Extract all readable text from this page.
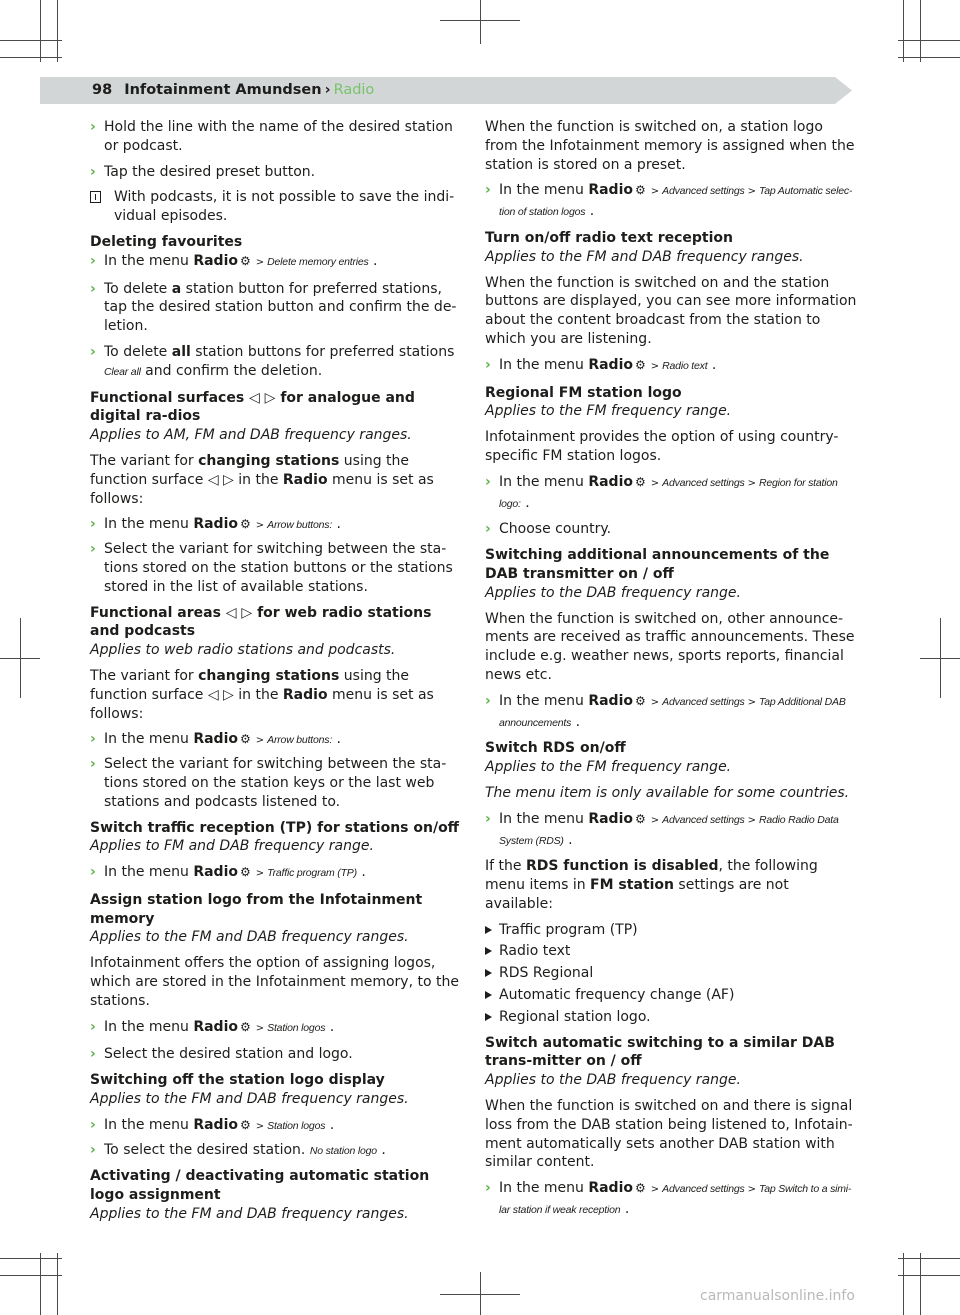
98 Infotainment Amundsen › Radio
› Hold the line with the name of the desired station or podcast.
› Tap the desired preset button.
With podcasts, it is not possible to save the indi-vidual episodes.
Deleting favourites
› In the menu Radio ⚙ > Delete memory entries .
› To delete a station button for preferred stations, tap the desired station button and confirm the de-letion.
› To delete all station buttons for preferred stations Clear all and confirm the deletion.
Functional surfaces ◁ ▷ for analogue and digital ra-dios
Applies to AM, FM and DAB frequency ranges.
The variant for changing stations using the function surface ◁ ▷ in the Radio menu is set as follows:
› In the menu Radio ⚙ > Arrow buttons: .
› Select the variant for switching between the sta-tions stored on the station buttons or the stations stored in the list of available stations.
Functional areas ◁ ▷ for web radio stations and podcasts
Applies to web radio stations and podcasts.
The variant for changing stations using the function surface ◁ ▷ in the Radio menu is set as follows:
› In the menu Radio ⚙ > Arrow buttons: .
› Select the variant for switching between the sta-tions stored on the station keys or the last web stations and podcasts listened to.
Switch traffic reception (TP) for stations on/off
Applies to FM and DAB frequency range.
› In the menu Radio ⚙ > Traffic program (TP) .
Assign station logo from the Infotainment memory
Applies to the FM and DAB frequency ranges.
Infotainment offers the option of assigning logos, which are stored in the Infotainment memory, to the stations.
› In the menu Radio ⚙ > Station logos .
› Select the desired station and logo.
Switching off the station logo display
Applies to the FM and DAB frequency ranges.
› In the menu Radio ⚙ > Station logos .
› To select the desired station. No station logo .
Activating / deactivating automatic station logo assignment
Applies to the FM and DAB frequency ranges.
When the function is switched on, a station logo from the Infotainment memory is assigned when the station is stored on a preset.
› In the menu Radio ⚙ > Advanced settings > Tap Automatic selec-tion of station logos .
Turn on/off radio text reception
Applies to the FM and DAB frequency ranges.
When the function is switched on and the station buttons are displayed, you can see more information about the content broadcast from the station to which you are listening.
› In the menu Radio ⚙ > Radio text .
Regional FM station logo
Applies to the FM frequency range.
Infotainment provides the option of using country-specific FM station logos.
› In the menu Radio ⚙ > Advanced settings > Region for station logo: .
› Choose country.
Switching additional announcements of the DAB transmitter on / off
Applies to the DAB frequency range.
When the function is switched on, other announce-ments are received as traffic announcements. These include e.g. weather news, sports reports, financial news etc.
› In the menu Radio ⚙ > Advanced settings > Tap Additional DAB announcements .
Switch RDS on/off
Applies to the FM frequency range.
The menu item is only available for some countries.
› In the menu Radio ⚙ > Advanced settings > Radio Radio Data System (RDS) .
If the RDS function is disabled, the following menu items in FM station settings are not available:
Traffic program (TP)
Radio text
RDS Regional
Automatic frequency change (AF)
Regional station logo.
Switch automatic switching to a similar DAB trans-mitter on / off
Applies to the DAB frequency range.
When the function is switched on and there is signal loss from the DAB station being listened to, Infotain-ment automatically sets another DAB station with similar content.
› In the menu Radio ⚙ > Advanced settings > Tap Switch to a simi-lar station if weak reception .
carmanualsonline.info
